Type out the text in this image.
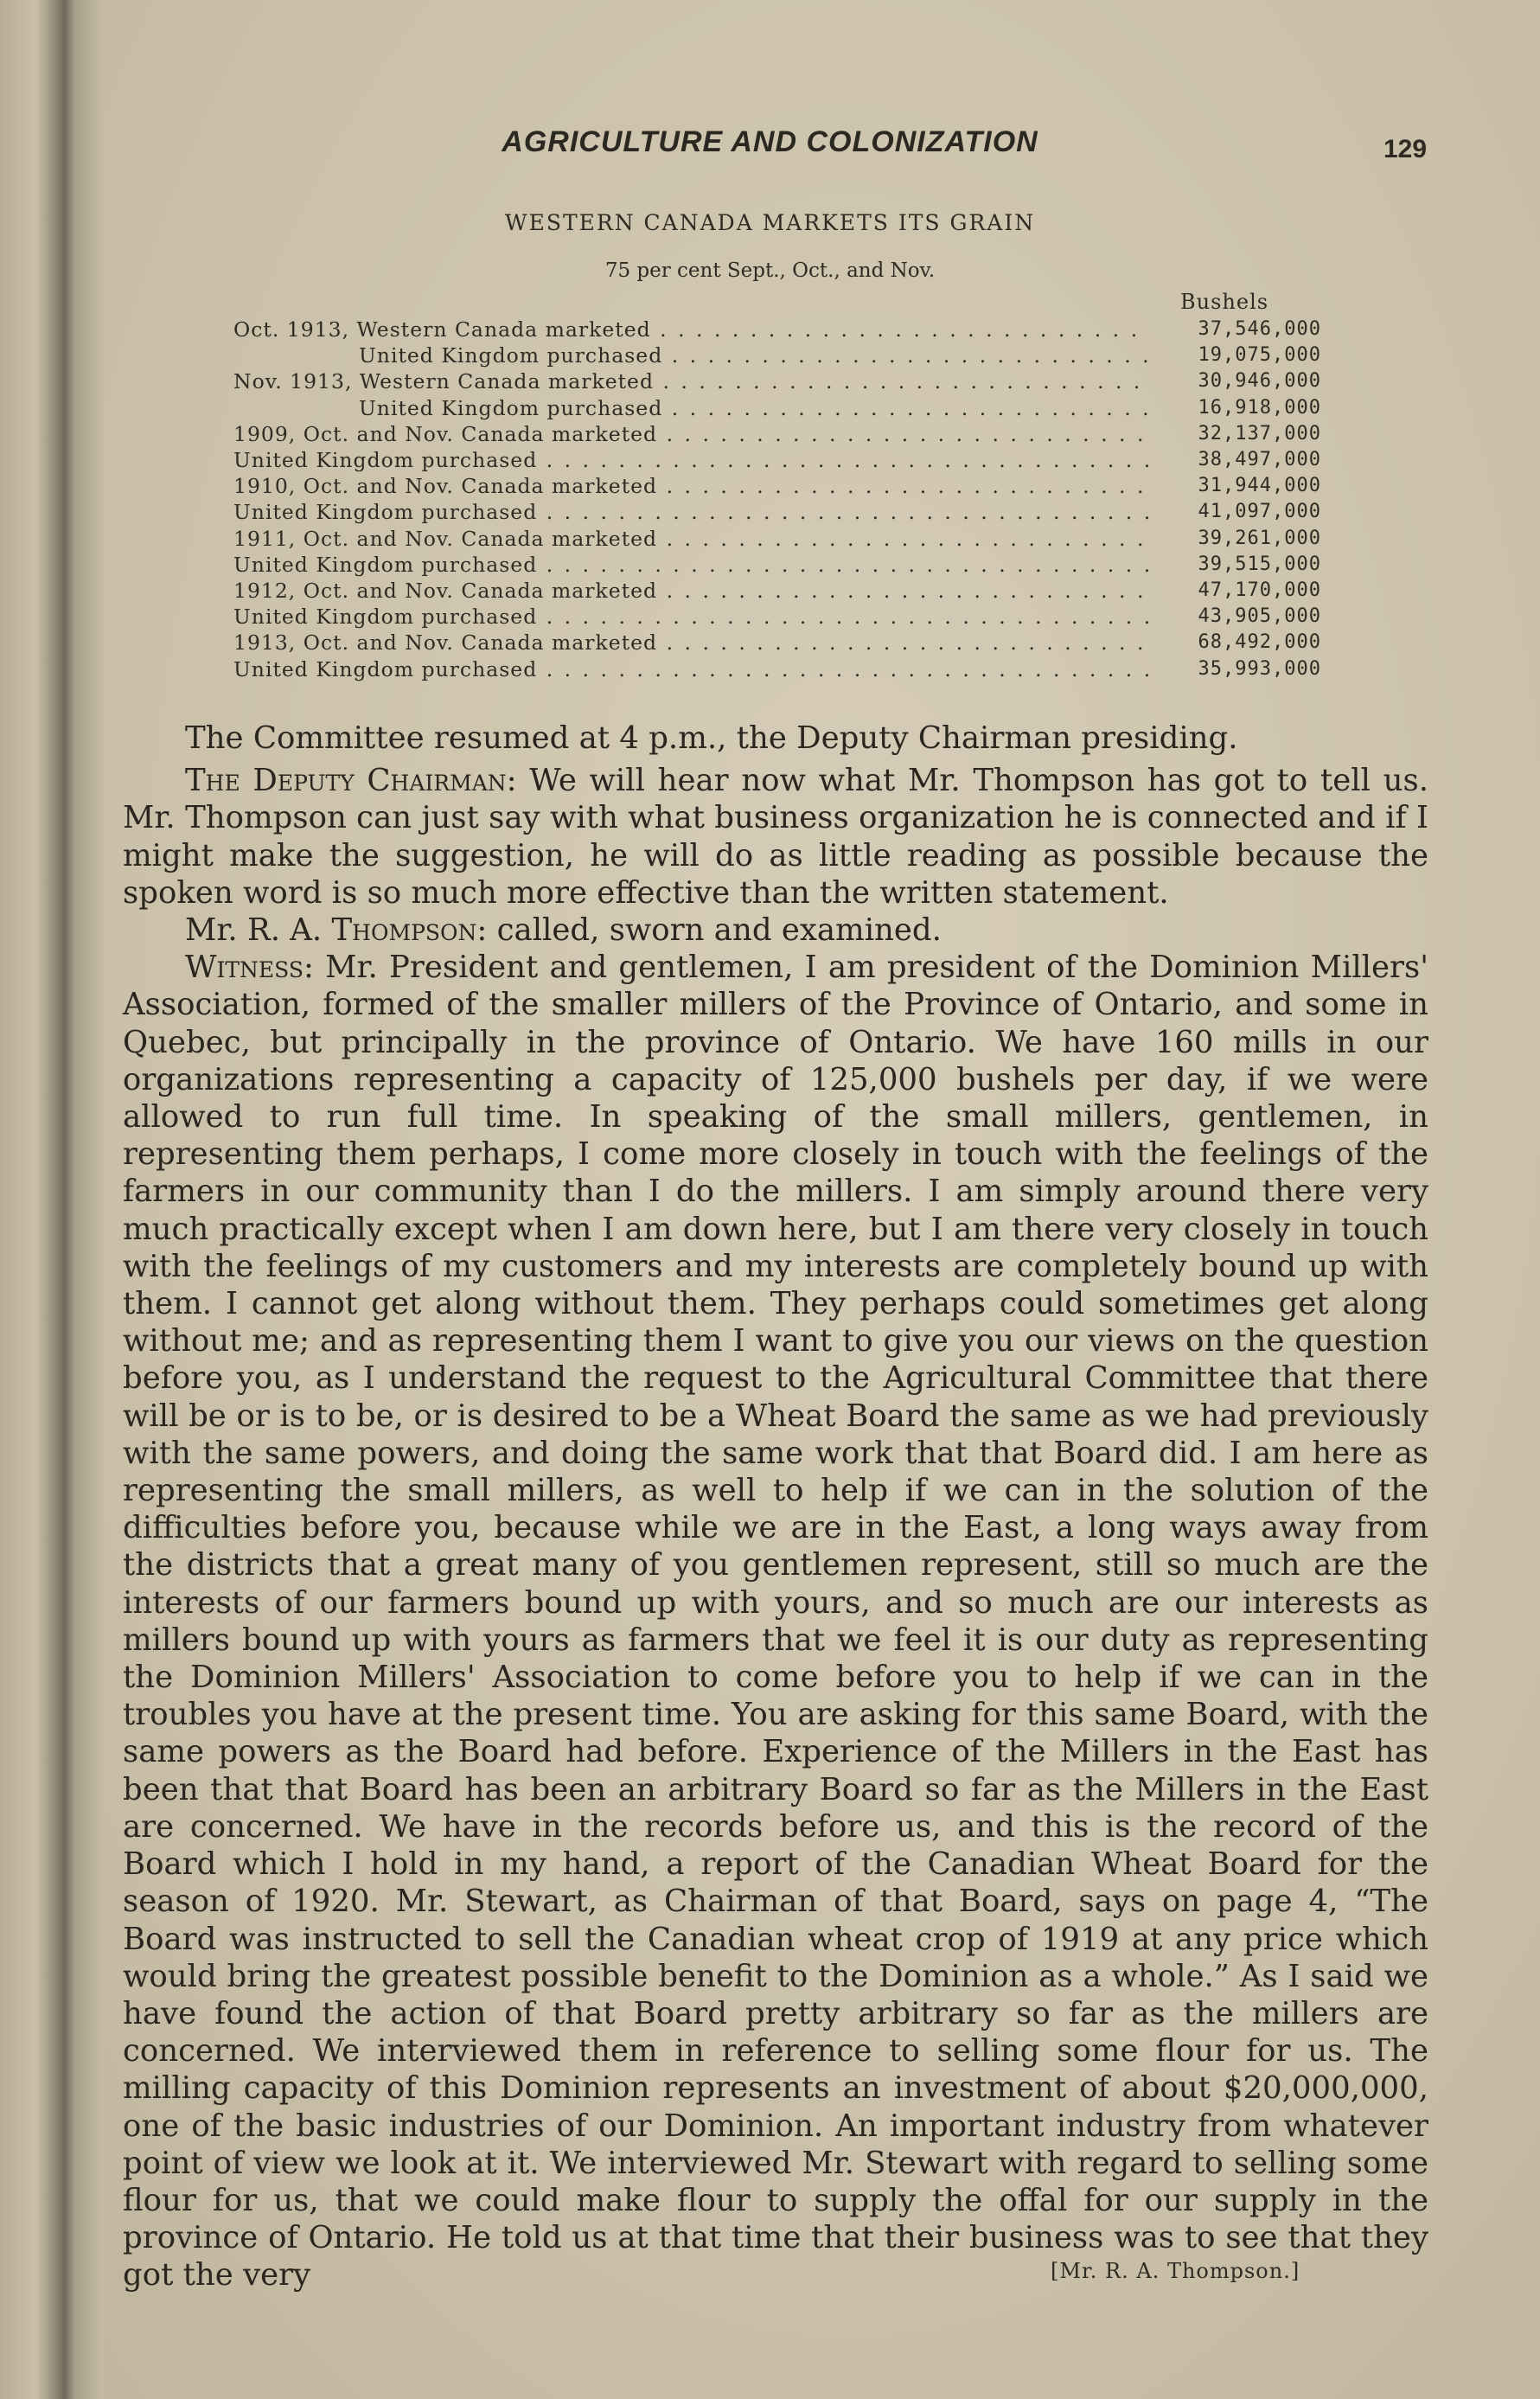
AGRICULTURE AND COLONIZATION	129
WESTERN CANADA MARKETS ITS GRAIN
75 per cent Sept., Oct., and Nov.
Bushels
Oct. 1913, Western Canada marketed . . .	37,546,000
United Kingdom purchased . . .	19,075,000
Nov. 1913, Western Canada marketed . . .	30,946,000
United Kingdom purchased . . .	16,918,000
1909, Oct. and Nov. Canada marketed . . .	32,137,000
United Kingdom purchased . . .	38,497,000
1910, Oct. and Nov. Canada marketed . . .	31,944,000
United Kingdom purchased . . .	41,097,000
1911, Oct. and Nov. Canada marketed . . .	39,261,000
United Kingdom purchased . . .	39,515,000
1912, Oct. and Nov. Canada marketed . . .	47,170,000
United Kingdom purchased . . .	43,905,000
1913, Oct. and Nov. Canada marketed . . .	68,492,000
United Kingdom purchased . . .	35,993,000

The Committee resumed at 4 p.m., the Deputy Chairman presiding.

The Deputy Chairman: We will hear now what Mr. Thompson has got to tell us. Mr. Thompson can just say with what business organization he is connected and if I might make the suggestion, he will do as little reading as possible because the spoken word is so much more effective than the written statement.

Mr. R. A. Thompson: called, sworn and examined.

Witness: Mr. President and gentlemen, I am president of the Dominion Millers' Association, formed of the smaller millers of the Province of Ontario, and some in Quebec, but principally in the province of Ontario. We have 160 mills in our organizations representing a capacity of 125,000 bushels per day, if we were allowed to run full time. In speaking of the small millers, gentlemen, in representing them perhaps, I come more closely in touch with the feelings of the farmers in our community than I do the millers. I am simply around there very much practically except when I am down here, but I am there very closely in touch with the feelings of my customers and my interests are completely bound up with them. I cannot get along without them. They perhaps could sometimes get along without me; and as representing them I want to give you our views on the question before you, as I understand the request to the Agricultural Committee that there will be or is to be, or is desired to be a Wheat Board the same as we had previously with the same powers, and doing the same work that that Board did. I am here as representing the small millers, as well to help if we can in the solution of the difficulties before you, because while we are in the East, a long ways away from the districts that a great many of you gentlemen represent, still so much are the interests of our farmers bound up with yours, and so much are our interests as millers bound up with yours as farmers that we feel it is our duty as representing the Dominion Millers' Association to come before you to help if we can in the troubles you have at the present time. You are asking for this same Board, with the same powers as the Board had before. Experience of the Millers in the East has been that that Board has been an arbitrary Board so far as the Millers in the East are concerned. We have in the records before us, and this is the record of the Board which I hold in my hand, a report of the Canadian Wheat Board for the season of 1920. Mr. Stewart, as Chairman of that Board, says on page 4, “The Board was instructed to sell the Canadian wheat crop of 1919 at any price which would bring the greatest possible benefit to the Dominion as a whole.” As I said we have found the action of that Board pretty arbitrary so far as the millers are concerned. We interviewed them in reference to selling some flour for us. The milling capacity of this Dominion represents an investment of about $20,000,000, one of the basic industries of our Dominion. An important industry from whatever point of view we look at it. We interviewed Mr. Stewart with regard to selling some flour for us, that we could make flour to supply the offal for our supply in the province of Ontario. He told us at that time that their business was to see that they got the very	[Mr. R. A. Thompson.]
